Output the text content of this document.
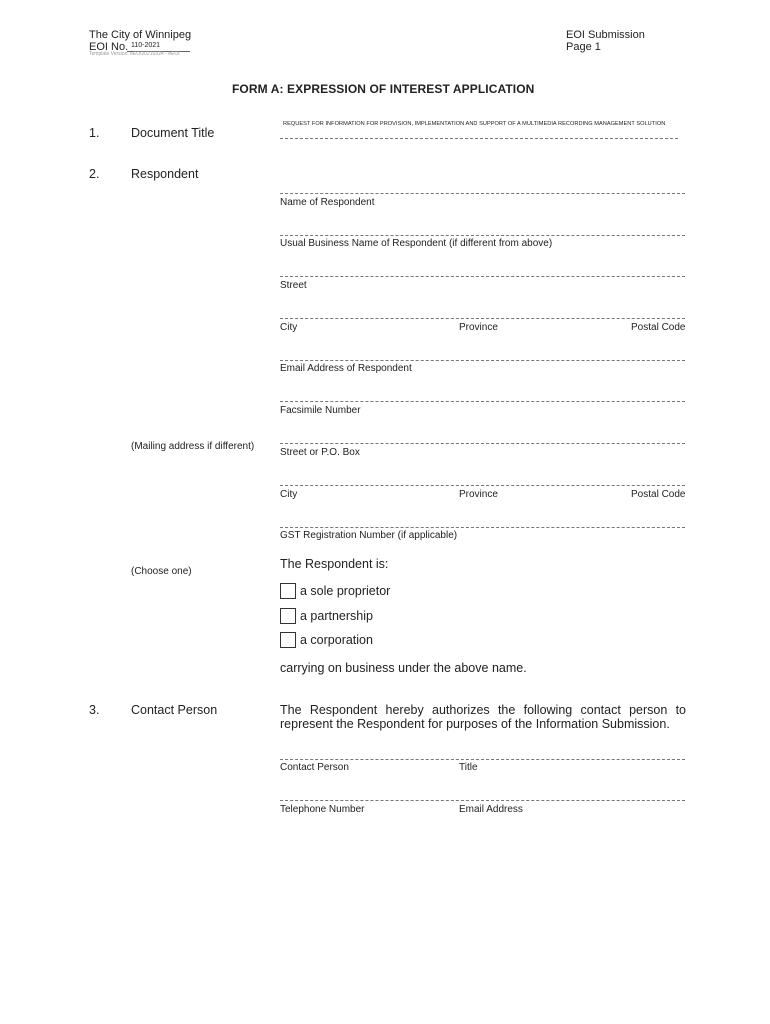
The City of Winnipeg
EOI No. 110-2021
Template Version: eEOI20210324 - eEOI
EOI Submission
Page 1
FORM A: EXPRESSION OF INTEREST APPLICATION
1.	Document Title
REQUEST FOR INFORMATION FOR PROVISION, IMPLEMENTATION AND SUPPORT OF A MULTIMEDIA RECORDING MANAGEMENT SOLUTION
2.	Respondent
Name of Respondent
Usual Business Name of Respondent (if different from above)
Street
City	Province	Postal Code
Email Address of Respondent
Facsimile Number
(Mailing address if different)
Street or P.O. Box
City	Province	Postal Code
GST Registration Number (if applicable)
(Choose one)
The Respondent is:
a sole proprietor
a partnership
a corporation
carrying on business under the above name.
3.	Contact Person	The Respondent hereby authorizes the following contact person to represent the Respondent for purposes of the Information Submission.
Contact Person	Title
Telephone Number	Email Address
